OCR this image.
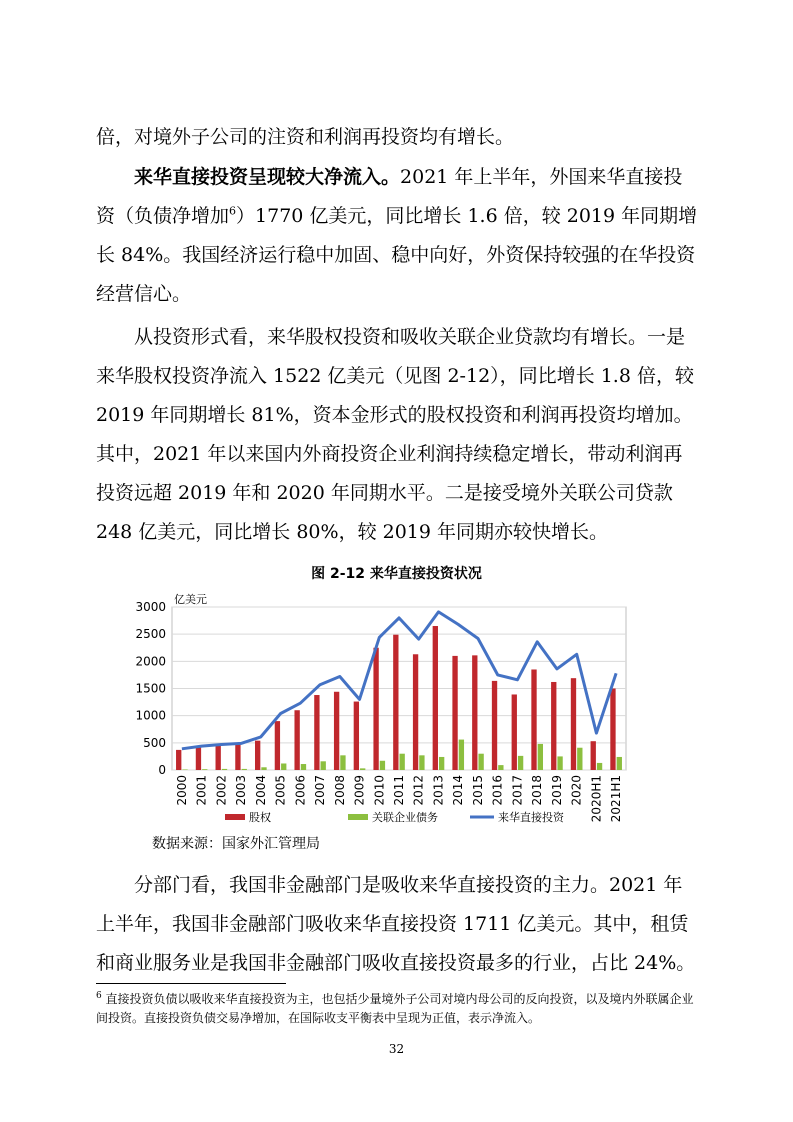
倍，对境外子公司的注资和利润再投资均有增长。

来华直接投资呈现较大净流入。2021 年上半年，外国来华直接投资（负债净增加$^6$）1770 亿美元，同比增长 1.6 倍，较 2019 年同期增长 84%。我国经济运行稳中加固、稳中向好，外资保持较强的在华投资经营信心。

从投资形式看，来华股权投资和吸收关联企业贷款均有增长。一是来华股权投资净流入 1522 亿美元（见图 2-12），同比增长 1.8 倍，较 2019 年同期增长 81%，资本金形式的股权投资和利润再投资均增加。其中，2021 年以来国内外商投资企业利润持续稳定增长，带动利润再投资远超 2019 年和 2020 年同期水平。二是接受境外关联公司贷款 248 亿美元，同比增长 80%，较 2019 年同期亦较快增长。

图 2-12 来华直接投资状况
0
500
1000
1500
2000
2500
3000
亿美元
2000 2001 2002 2003 2004 2005 2006 2007 2008 2009 2010 2011 2012 2013 2014 2015 2016 2017 2018 2019 2020 2020H1 2021H1
股权	关联企业债务	来华直接投资
数据来源：国家外汇管理局

分部门看，我国非金融部门是吸收来华直接投资的主力。2021 年上半年，我国非金融部门吸收来华直接投资 1711 亿美元。其中，租赁和商业服务业是我国非金融部门吸收直接投资最多的行业，占比 24%。

$^6$ 直接投资负债以吸收来华直接投资为主，也包括少量境外子公司对境内母公司的反向投资，以及境内外联属企业间投资。直接投资负债交易净增加，在国际收支平衡表中呈现为正值，表示净流入。

32
